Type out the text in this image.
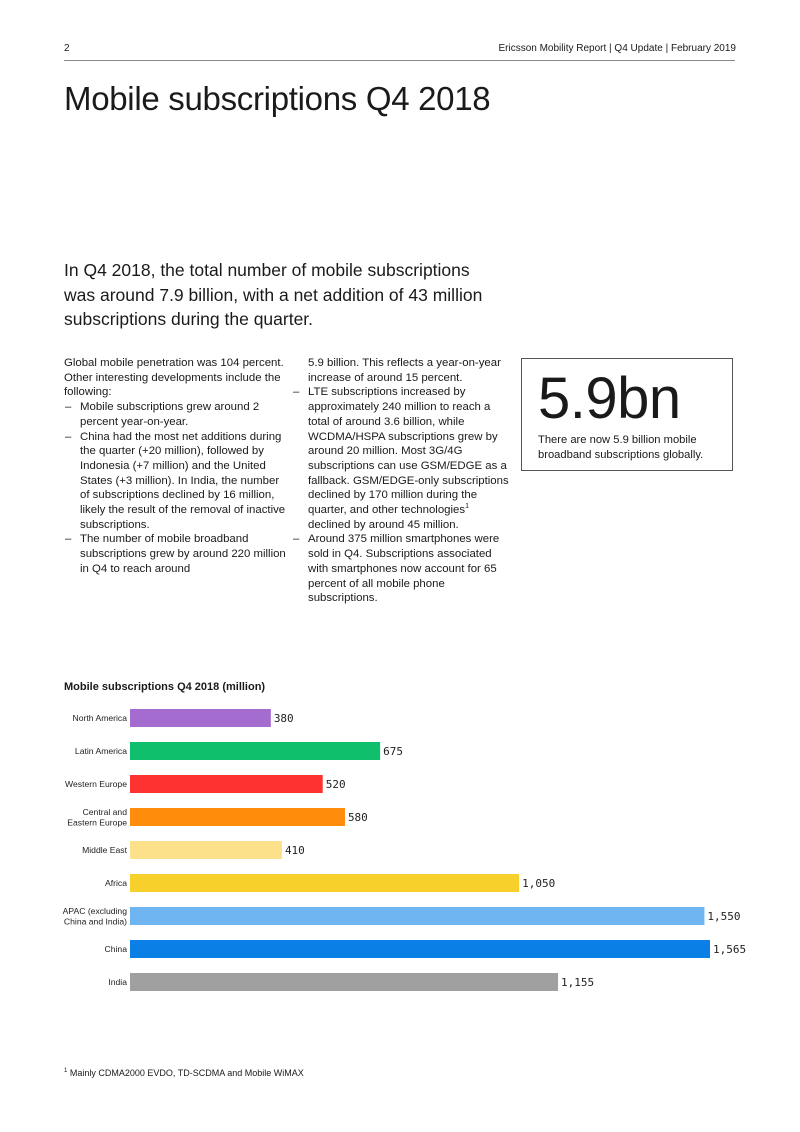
2	Ericsson Mobility Report | Q4 Update | February 2019
Mobile subscriptions Q4 2018
In Q4 2018, the total number of mobile subscriptions was around 7.9 billion, with a net addition of 43 million subscriptions during the quarter.

Global mobile penetration was 104 percent. Other interesting developments include the following:

– Mobile subscriptions grew around 2 percent year-on-year.
– China had the most net additions during the quarter (+20 million), followed by Indonesia (+7 million) and the United States (+3 million). In India, the number of subscriptions declined by 16 million, likely the result of the removal of inactive subscriptions.
– The number of mobile broadband subscriptions grew by around 220 million in Q4 to reach around
5.9 billion. This reflects a year-on-year increase of around 15 percent.
– LTE subscriptions increased by approximately 240 million to reach a total of around 3.6 billion, while WCDMA/HSPA subscriptions grew by around 20 million. Most 3G/4G subscriptions can use GSM/EDGE as a fallback. GSM/EDGE-only subscriptions declined by 170 million during the quarter, and other technologies$^1$ declined by around 45 million.
– Around 375 million smartphones were sold in Q4. Subscriptions associated with smartphones now account for 65 percent of all mobile phone subscriptions.
5.9bn
There are now 5.9 billion mobile broadband subscriptions globally.
Mobile subscriptions Q4 2018 (million)
North America	380
Latin America	675
Western Europe	520
Central and Eastern Europe	580
Middle East	410
Africa	1,050
APAC (excluding China and India)	1,550
China	1,565
India	1,155
$^1$ Mainly CDMA2000 EVDO, TD-SCDMA and Mobile WiMAX
